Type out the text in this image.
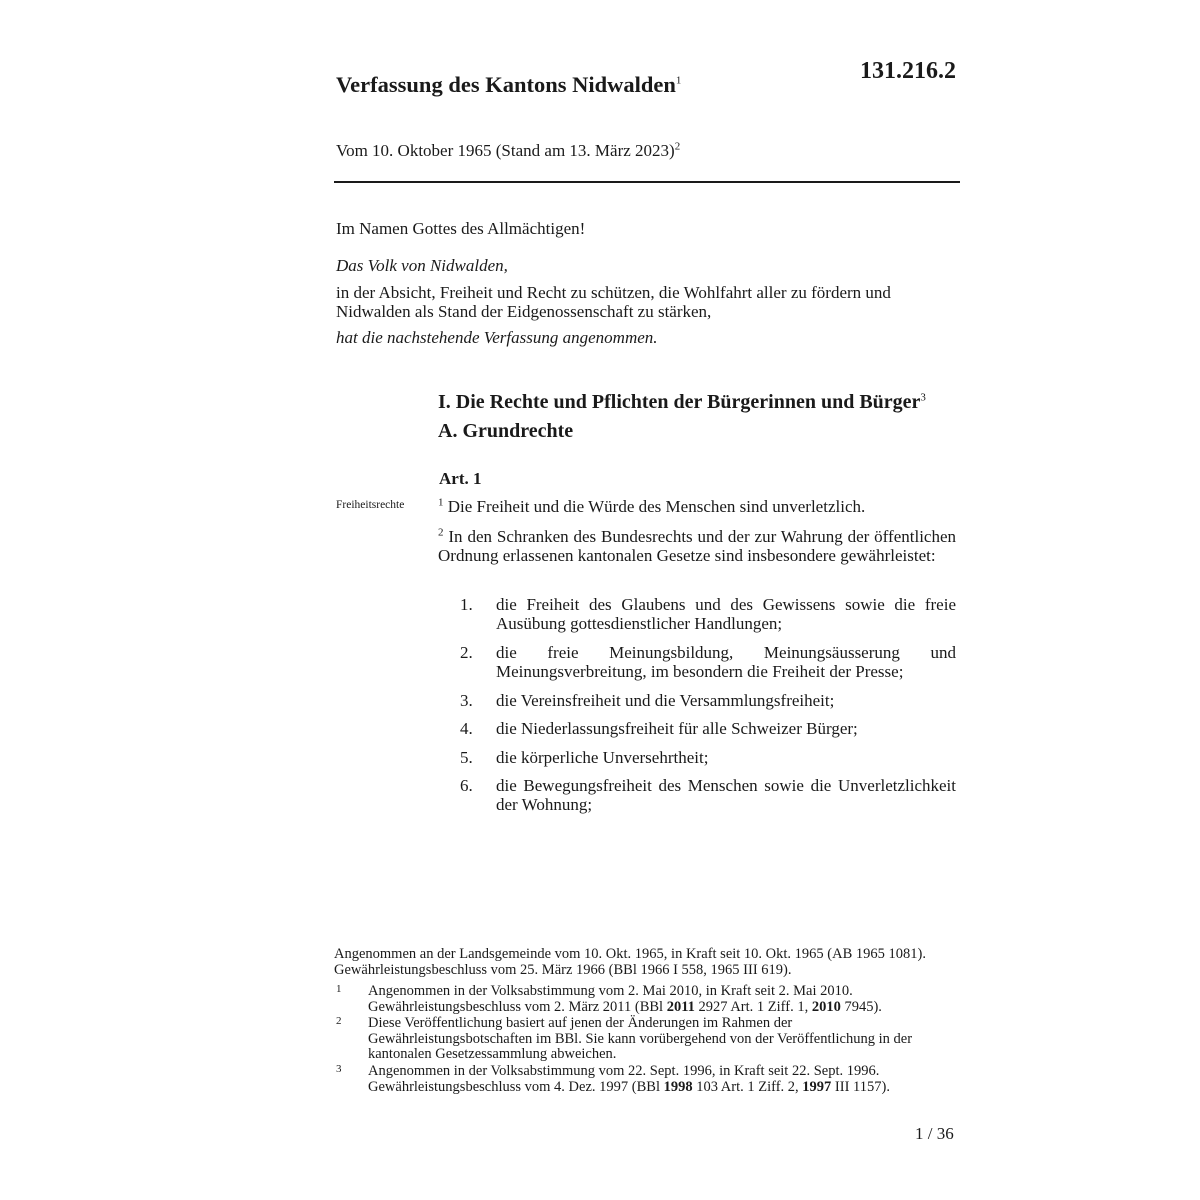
131.216.2
Verfassung des Kantons Nidwalden$^1$
Vom 10. Oktober 1965 (Stand am 13. März 2023)$^2$
Im Namen Gottes des Allmächtigen!
Das Volk von Nidwalden,
in der Absicht, Freiheit und Recht zu schützen, die Wohlfahrt aller zu fördern und Nidwalden als Stand der Eidgenossenschaft zu stärken,
hat die nachstehende Verfassung angenommen.
I. Die Rechte und Pflichten der Bürgerinnen und Bürger$^3$
A. Grundrechte
Art. 1
Freiheitsrechte	$^1$ Die Freiheit und die Würde des Menschen sind unverletzlich.
$^2$ In den Schranken des Bundesrechts und der zur Wahrung der öffentlichen Ordnung erlassenen kantonalen Gesetze sind insbesondere gewährleistet:
1. die Freiheit des Glaubens und des Gewissens sowie die freie Ausübung gottesdienstlicher Handlungen;
2. die freie Meinungsbildung, Meinungsäusserung und Meinungsverbreitung, im besondern die Freiheit der Presse;
3. die Vereinsfreiheit und die Versammlungsfreiheit;
4. die Niederlassungsfreiheit für alle Schweizer Bürger;
5. die körperliche Unversehrtheit;
6. die Bewegungsfreiheit des Menschen sowie die Unverletzlichkeit der Wohnung;
Angenommen an der Landsgemeinde vom 10. Okt. 1965, in Kraft seit 10. Okt. 1965 (AB 1965 1081). Gewährleistungsbeschluss vom 25. März 1966 (BBl 1966 I 558, 1965 III 619).
1 Angenommen in der Volksabstimmung vom 2. Mai 2010, in Kraft seit 2. Mai 2010. Gewährleistungsbeschluss vom 2. März 2011 (BBl 2011 2927 Art. 1 Ziff. 1, 2010 7945).
2 Diese Veröffentlichung basiert auf jenen der Änderungen im Rahmen der Gewährleistungsbotschaften im BBl. Sie kann vorübergehend von der Veröffentlichung in der kantonalen Gesetzessammlung abweichen.
3 Angenommen in der Volksabstimmung vom 22. Sept. 1996, in Kraft seit 22. Sept. 1996. Gewährleistungsbeschluss vom 4. Dez. 1997 (BBl 1998 103 Art. 1 Ziff. 2, 1997 III 1157).
1 / 36
